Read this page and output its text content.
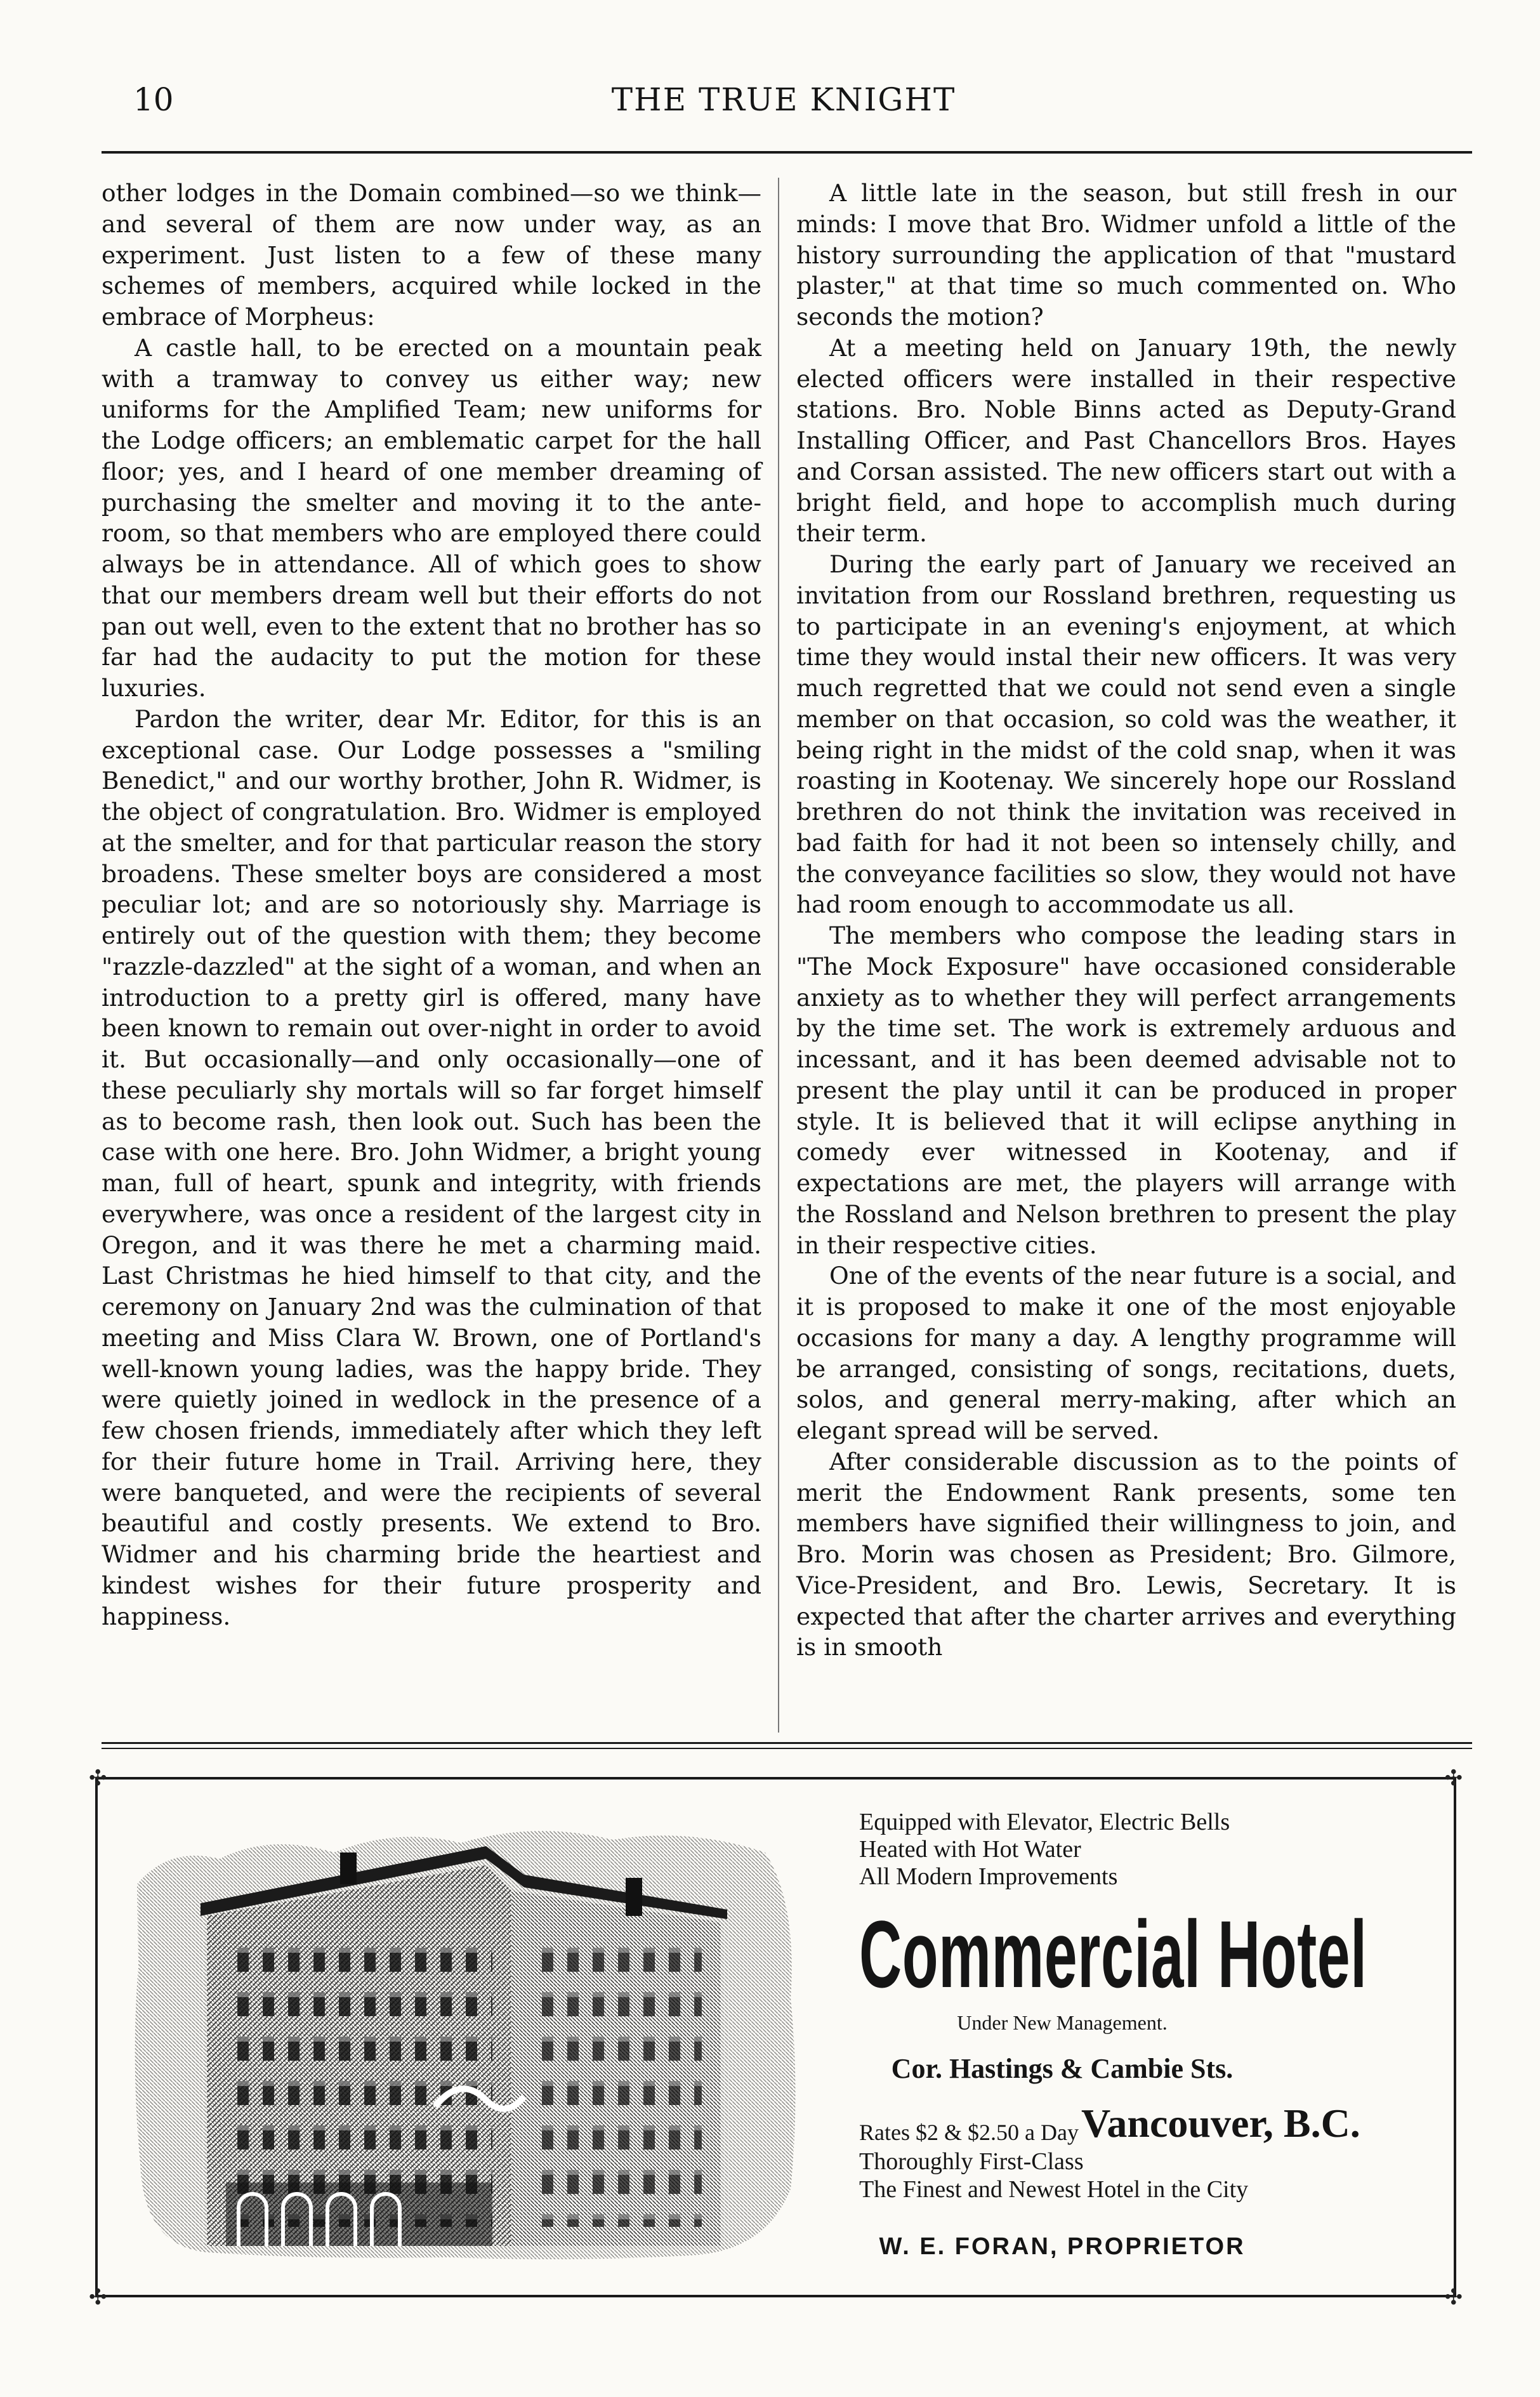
10	THE TRUE KNIGHT

other lodges in the Domain combined—so we think—and several of them are now under way, as an experiment. Just listen to a few of these many schemes of members, acquired while locked in the embrace of Morpheus:

A castle hall, to be erected on a mountain peak with a tramway to convey us either way; new uniforms for the Amplified Team; new uniforms for the Lodge officers; an emblematic carpet for the hall floor; yes, and I heard of one member dreaming of purchasing the smelter and moving it to the ante-room, so that members who are employed there could always be in attendance. All of which goes to show that our members dream well but their efforts do not pan out well, even to the extent that no brother has so far had the audacity to put the motion for these luxuries.

Pardon the writer, dear Mr. Editor, for this is an exceptional case. Our Lodge possesses a "smiling Benedict," and our worthy brother, John R. Widmer, is the object of congratulation. Bro. Widmer is employed at the smelter, and for that particular reason the story broadens. These smelter boys are considered a most peculiar lot; and are so notoriously shy. Marriage is entirely out of the question with them; they become "razzle-dazzled" at the sight of a woman, and when an introduction to a pretty girl is offered, many have been known to remain out over-night in order to avoid it. But occasionally—and only occasionally—one of these peculiarly shy mortals will so far forget himself as to become rash, then look out. Such has been the case with one here. Bro. John Widmer, a bright young man, full of heart, spunk and integrity, with friends everywhere, was once a resident of the largest city in Oregon, and it was there he met a charming maid. Last Christmas he hied himself to that city, and the ceremony on January 2nd was the culmination of that meeting and Miss Clara W. Brown, one of Portland's well-known young ladies, was the happy bride. They were quietly joined in wedlock in the presence of a few chosen friends, immediately after which they left for their future home in Trail. Arriving here, they were banqueted, and were the recipients of several beautiful and costly presents. We extend to Bro. Widmer and his charming bride the heartiest and kindest wishes for their future prosperity and happiness.

A little late in the season, but still fresh in our minds: I move that Bro. Widmer unfold a little of the history surrounding the application of that "mustard plaster," at that time so much commented on. Who seconds the motion?

At a meeting held on January 19th, the newly elected officers were installed in their respective stations. Bro. Noble Binns acted as Deputy-Grand Installing Officer, and Past Chancellors Bros. Hayes and Corsan assisted. The new officers start out with a bright field, and hope to accomplish much during their term.

During the early part of January we received an invitation from our Rossland brethren, requesting us to participate in an evening's enjoyment, at which time they would instal their new officers. It was very much regretted that we could not send even a single member on that occasion, so cold was the weather, it being right in the midst of the cold snap, when it was roasting in Kootenay. We sincerely hope our Rossland brethren do not think the invitation was received in bad faith for had it not been so intensely chilly, and the conveyance facilities so slow, they would not have had room enough to accommodate us all.

The members who compose the leading stars in "The Mock Exposure" have occasioned considerable anxiety as to whether they will perfect arrangements by the time set. The work is extremely arduous and incessant, and it has been deemed advisable not to present the play until it can be produced in proper style. It is believed that it will eclipse anything in comedy ever witnessed in Kootenay, and if expectations are met, the players will arrange with the Rossland and Nelson brethren to present the play in their respective cities.

One of the events of the near future is a social, and it is proposed to make it one of the most enjoyable occasions for many a day. A lengthy programme will be arranged, consisting of songs, recitations, duets, solos, and general merry-making, after which an elegant spread will be served.

After considerable discussion as to the points of merit the Endowment Rank presents, some ten members have signified their willingness to join, and Bro. Morin was chosen as President; Bro. Gilmore, Vice-President, and Bro. Lewis, Secretary. It is expected that after the charter arrives and everything is in smooth

✣	✣
✣	✣
Equipped with Elevator, Electric Bells
Heated with Hot Water
All Modern Improvements
Commercial Hotel
Under New Management.
Cor. Hastings & Cambie Sts.
Rates $2 & $2.50 a Day Vancouver, B.C.
Thoroughly First-Class
The Finest and Newest Hotel in the City
W. E. FORAN, PROPRIETOR
